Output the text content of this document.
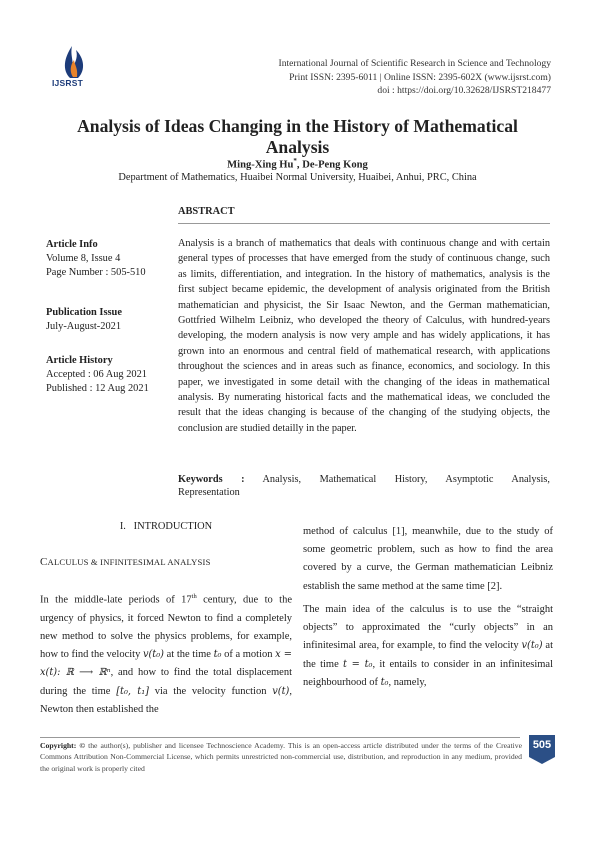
IJSRST
International Journal of Scientific Research in Science and Technology
Print ISSN: 2395-6011 | Online ISSN: 2395-602X (www.ijsrst.com)
doi : https://doi.org/10.32628/IJSRST218477
Analysis of Ideas Changing in the History of Mathematical
Analysis
Ming-Xing Hu*, De-Peng Kong
Department of Mathematics, Huaibei Normal University, Huaibei, Anhui, PRC, China
ABSTRACT
Article Info
Volume 8, Issue 4
Page Number : 505-510
Publication Issue
July-August-2021
Article History
Accepted : 06 Aug 2021
Published : 12 Aug 2021
Analysis is a branch of mathematics that deals with continuous change and with certain general types of processes that have emerged from the study of continuous change, such as limits, differentiation, and integration. In the history of mathematics, analysis is the first subject became epidemic, the development of analysis originated from the British mathematician and physicist, the Sir Isaac Newton, and the German mathematician, Gottfried Wilhelm Leibniz, who developed the theory of Calculus, with hundred-years developing, the modern analysis is now very ample and has widely applications, it has grown into an enormous and central field of mathematical research, with applications throughout the sciences and in areas such as finance, economics, and sociology. In this paper, we investigated in some detail with the changing of the ideas in mathematical analysis. By numerating historical facts and the mathematical ideas, we concluded the result that the ideas changing is because of the changing of the studying objects, the conclusion are studied detailly in the paper.
Keywords : Analysis, Mathematical History, Asymptotic Analysis,
Representation
I. INTRODUCTION
CALCULUS & INFINITESIMAL ANALYSIS
In the middle-late periods of 17th century, due to the urgency of physics, it forced Newton to find a completely new method to solve the physics problems, for example, how to find the velocity v(t₀) at the time t₀ of a motion x = x(t): ℝ ⟶ ℝⁿ, and how to find the total displacement during the time [t₀, t₁] via the velocity function v(t), Newton then established the
method of calculus [1], meanwhile, due to the study of some geometric problem, such as how to find the area covered by a curve, the German mathematician Leibniz establish the same method at the same time [2].
The main idea of the calculus is to use the “straight objects” to approximated the “curly objects” in an infinitesimal area, for example, to find the velocity v(t₀) at the time t = t₀, it entails to consider in an infinitesimal neighbourhood of t₀, namely,
Copyright: © the author(s), publisher and licensee Technoscience Academy. This is an open-access article distributed under the terms of the Creative Commons Attribution Non-Commercial License, which permits unrestricted non-commercial use, distribution, and reproduction in any medium, provided the original work is properly cited
505
